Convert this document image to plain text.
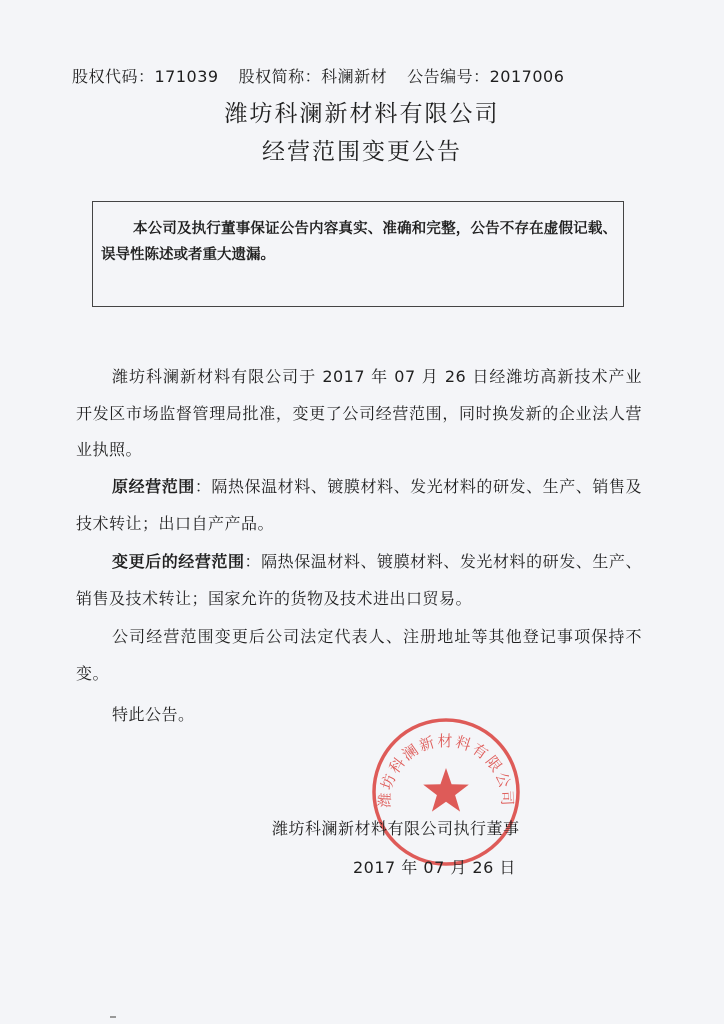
股权代码：171039 股权简称：科澜新材 公告编号：2017006
潍坊科澜新材料有限公司
经营范围变更公告
本公司及执行董事保证公告内容真实、准确和完整，公告不存在虚假记载、误导性陈述或者重大遗漏。
潍坊科澜新材料有限公司于 2017 年 07 月 26 日经潍坊高新技术产业开发区市场监督管理局批准，变更了公司经营范围，同时换发新的企业法人营业执照。
原经营范围：隔热保温材料、镀膜材料、发光材料的研发、生产、销售及技术转让；出口自产产品。
变更后的经营范围：隔热保温材料、镀膜材料、发光材料的研发、生产、销售及技术转让；国家允许的货物及技术进出口贸易。
公司经营范围变更后公司法定代表人、注册地址等其他登记事项保持不变。
特此公告。
潍坊科澜新材料有限公司
潍坊科澜新材料有限公司执行董事
2017 年 07 月 26 日
